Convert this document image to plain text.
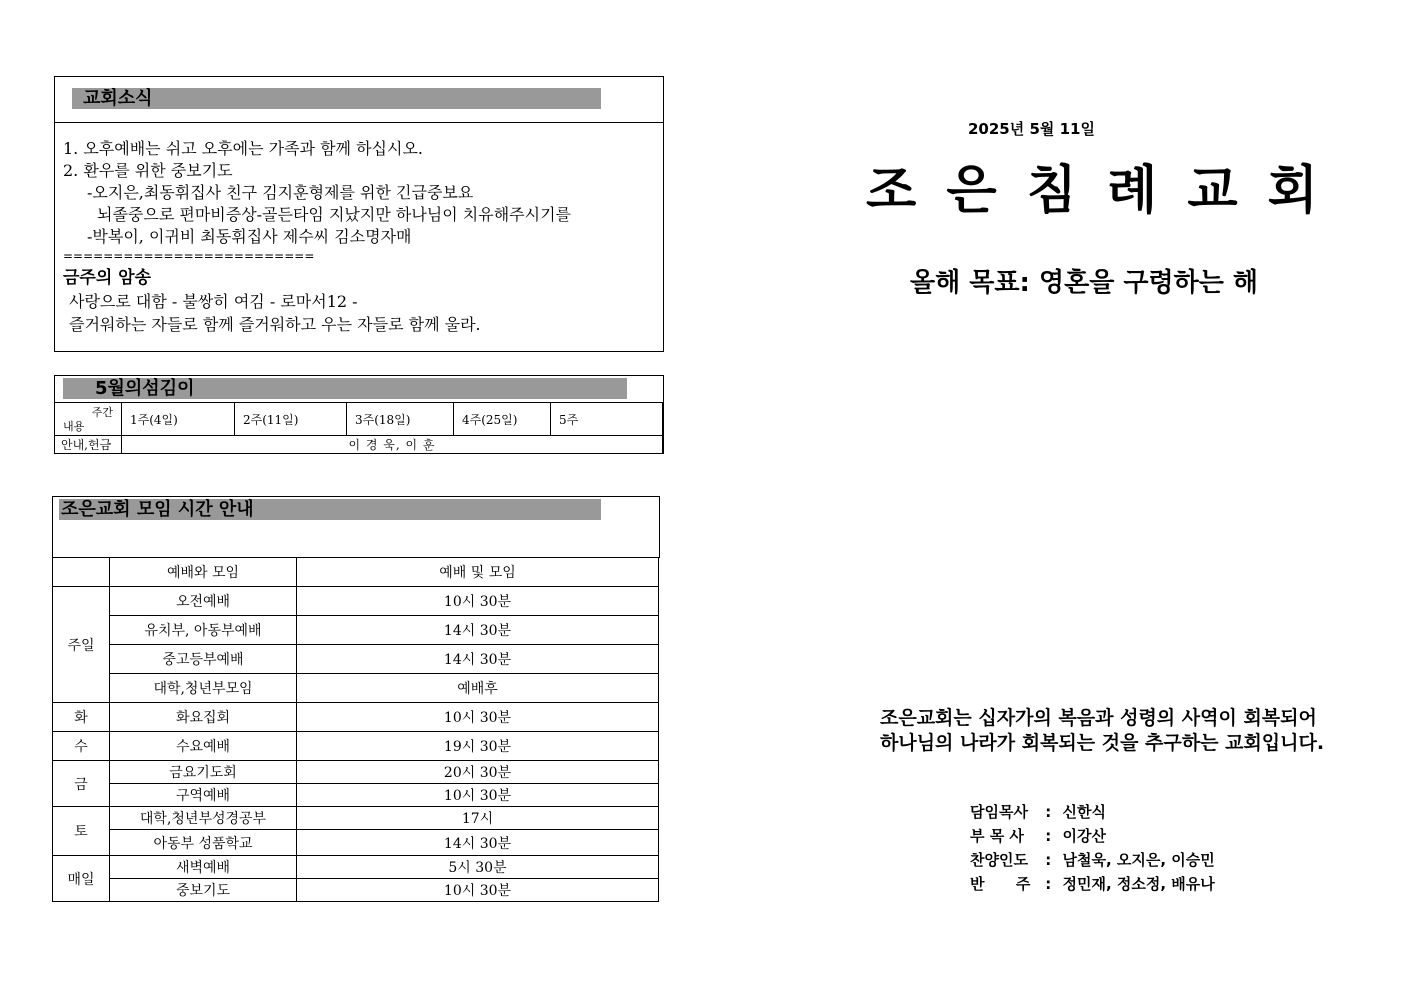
교회소식
1. 오후예배는 쉬고 오후에는 가족과 함께 하십시오.
2. 환우를 위한 중보기도
-오지은,최동휘집사 친구 김지훈형제를 위한 긴급중보요
뇌졸중으로 편마비증상-골든타임 지났지만 하나님이 치유해주시기를
-박복이, 이귀비 최동휘집사 제수씨 김소명자매
=========================
금주의 암송
사랑으로 대함 - 불쌍히 여김 - 로마서12 -
즐거워하는 자들로 함께 즐거워하고 우는 자들로 함께 울라.
5월의섬김이
주간
내용	1주(4일)	2주(11일)	3주(18일)	4주(25일)	5주
안내,헌금	이 경 욱, 이 훈				
조은교회 모임 시간 안내
	예배와 모임	예배 및 모임
주일	오전예배	10시 30분
	유치부, 아동부예배	14시 30분
	중고등부예배	14시 30분
	대학,청년부모임	예배후
화	화요집회	10시 30분
수	수요예배	19시 30분
금	금요기도회	20시 30분
	구역예배	10시 30분
토	대학,청년부성경공부	17시
	아동부 성품학교	14시 30분
매일	새벽예배	5시 30분
	중보기도	10시 30분
2025년 5월 11일
조 은 침 례 교 회
올해 목표: 영혼을 구령하는 해
조은교회는 십자가의 복음과 성령의 사역이 회복되어
하나님의 나라가 회복되는 것을 추구하는 교회입니다.
담임목사 : 신한식
부 목 사 : 이강산
찬양인도 : 남철욱, 오지은, 이승민
반      주 : 정민재, 정소정, 배유나
